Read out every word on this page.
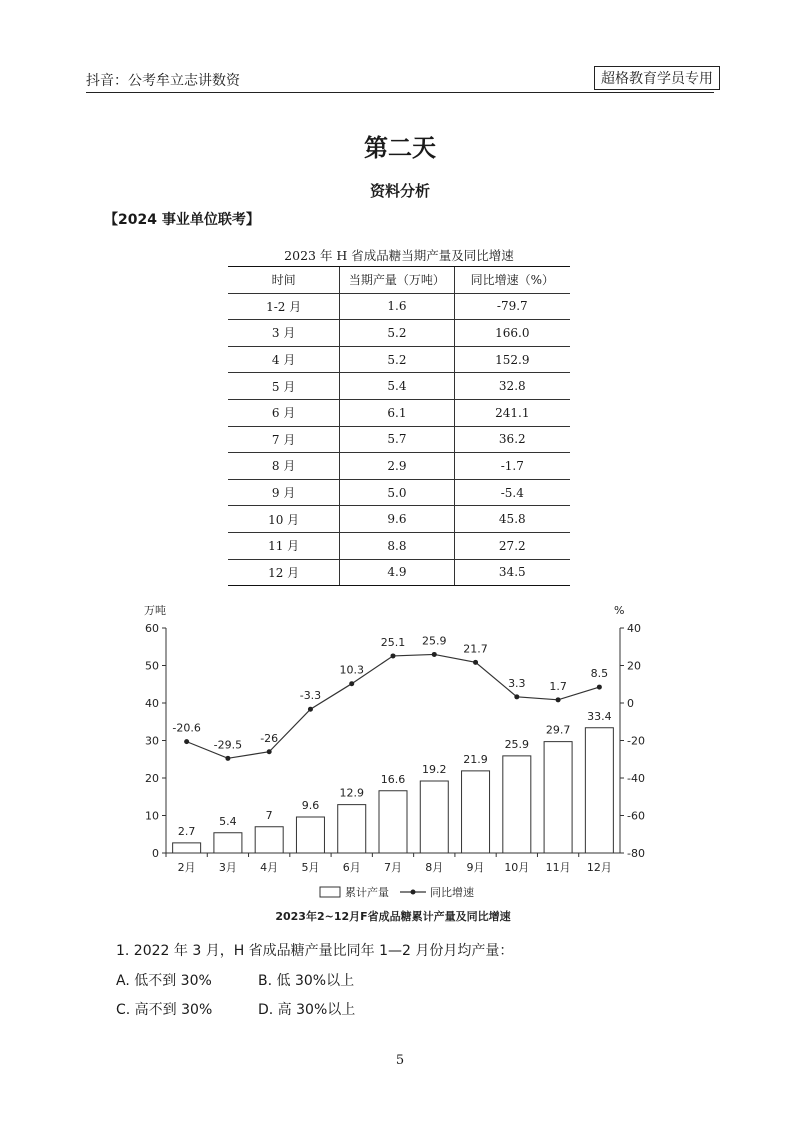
抖音：公考牟立志讲数资	超格教育学员专用
第二天
资料分析
【2024 事业单位联考】
2023 年 H 省成品糖当期产量及同比增速
时间	当期产量（万吨）	同比增速（%）
1-2 月	1.6	-79.7
3 月	5.2	166.0
4 月	5.2	152.9
5 月	5.4	32.8
6 月	6.1	241.1
7 月	5.7	36.2
8 月	2.9	-1.7
9 月	5.0	-5.4
10 月	9.6	45.8
11 月	8.8	27.2
12 月	4.9	34.5
万吨	%
0
10
20
30
40
50
60
-80
-60
-40
-20
0
20
40
2月 3月 4月 5月 6月 7月 8月 9月 10月 11月 12月
2.7
5.4	7
9.6
12.9
16.6
19.2
21.9
25.9
29.7
33.4
-20.6
-29.5
-26
-3.3
10.3
25.1 25.9
21.7
3.3 1.7
8.5
累计产量	同比增速
2023年2~12月F省成品糖累计产量及同比增速
1. 2022 年 3 月，H 省成品糖产量比同年 1—2 月份月均产量：
A. 低不到 30%	B. 低 30%以上
C. 高不到 30%	D. 高 30%以上
5
